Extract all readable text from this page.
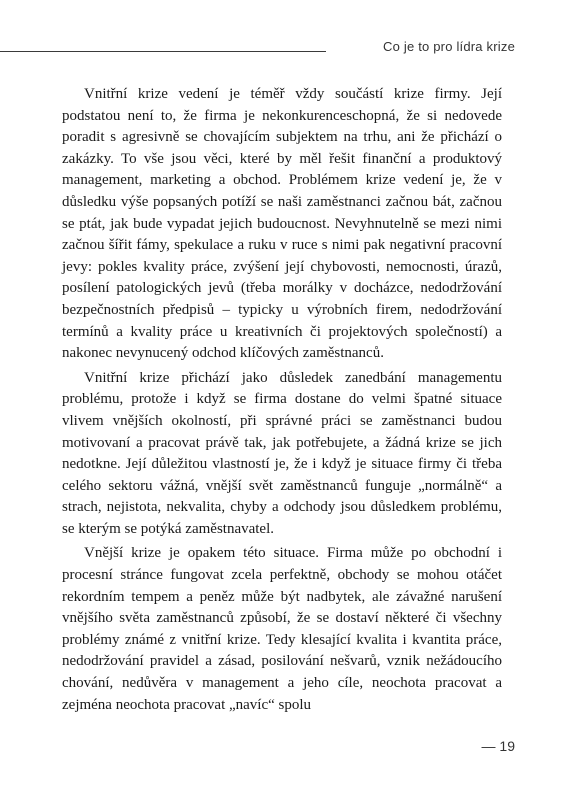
Co je to pro lídra krize

Vnitřní krize vedení je téměř vždy součástí krize firmy. Její podstatou není to, že firma je nekonkurenceschopná, že si nedovede poradit s agresivně se chovajícím subjektem na trhu, ani že přichází o zakázky. To vše jsou věci, které by měl řešit finanční a produktový management, marketing a obchod. Problémem krize vedení je, že v důsledku výše popsaných potíží se naši zaměstnanci začnou bát, začnou se ptát, jak bude vypadat jejich budoucnost. Nevyhnutelně se mezi nimi začnou šířit fámy, spekulace a ruku v ruce s nimi pak negativní pracovní jevy: pokles kvality práce, zvýšení její chybovosti, nemocnosti, úrazů, posílení patologických jevů (třeba morálky v docházce, nedodržování bezpečnostních předpisů – typicky u výrobních firem, nedodržování termínů a kvality práce u kreativních či projektových společností) a nakonec nevynucený odchod klíčových zaměstnanců.

Vnitřní krize přichází jako důsledek zanedbání managementu problému, protože i když se firma dostane do velmi špatné situace vlivem vnějších okolností, při správné práci se zaměstnanci budou motivovaní a pracovat právě tak, jak potřebujete, a žádná krize se jich nedotkne. Její důležitou vlastností je, že i když je situace firmy či třeba celého sektoru vážná, vnější svět zaměstnanců funguje „normálně“ a strach, nejistota, nekvalita, chyby a odchody jsou důsledkem problému, se kterým se potýká zaměstnavatel.

Vnější krize je opakem této situace. Firma může po obchodní i procesní stránce fungovat zcela perfektně, obchody se mohou otáčet rekordním tempem a peněz může být nadbytek, ale závažné narušení vnějšího světa zaměstnanců způsobí, že se dostaví některé či všechny problémy známé z vnitřní krize. Tedy klesající kvalita i kvantita práce, nedodržování pravidel a zásad, posilování nešvarů, vznik nežádoucího chování, nedůvěra v management a jeho cíle, neochota pracovat a zejména neochota pracovat „navíc“ spolu

— 19
